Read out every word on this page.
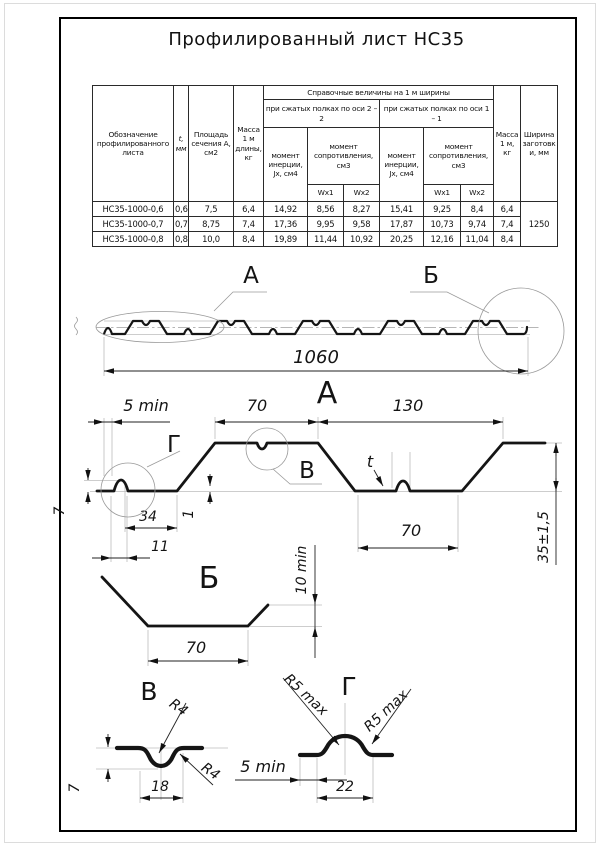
Профилированный лист НС35
Обозначение профилированного листа	t, мм	Площадь сечения А, см2	Масса 1 м длины, кг	Справочные величины на 1 м ширины						Масса 1 м, кг	Ширина заготовки, мм
				при сжатых полках по оси 2 – 2			при сжатых полках по оси 1 – 1				
				момент инерции, Jx, см4	момент сопротивления, см3		момент инерции, Jx, см4	момент сопротивления, см3			
					Wx1	Wx2		Wx1	Wx2		
НС35-1000-0,6	0,6	7,5	6,4	14,92	8,56	8,27	15,41	9,25	8,4	6,4	1250
НС35-1000-0,7	0,7	8,75	7,4	17,36	9,95	9,58	17,87	10,73	9,74	7,4	
НС35-1000-0,8	0,8	10,0	8,4	19,89	11,44	10,92	20,25	12,16	11,04	8,4	
А	Б
1060
А
5 min	70	130
35±1,5
7	1
34
11
70
t
Г
В
Б
70
10 min
В
7	18
R4
R4
Г
5 min
22
R5 max R5 max
